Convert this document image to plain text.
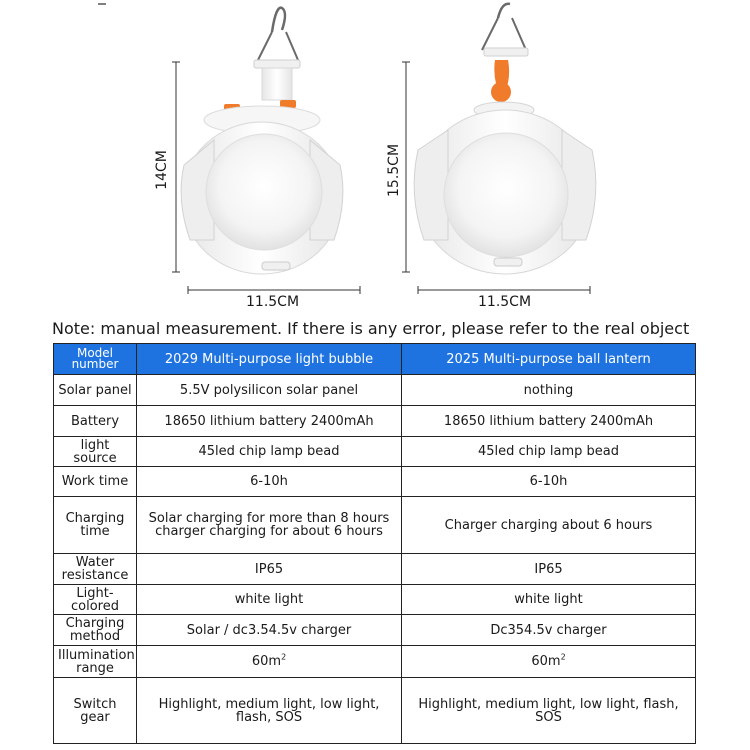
14CM
11.5CM
15.5CM
11.5CM
Note: manual measurement. If there is any error, please refer to the real object
Model number	2029 Multi-purpose light bubble	2025 Multi-purpose ball lantern
Solar panel	5.5V polysilicon solar panel	nothing
Battery	18650 lithium battery 2400mAh	18650 lithium battery 2400mAh
light source	45led chip lamp bead	45led chip lamp bead
Work time	6-10h	6-10h
Charging time	Solar charging for more than 8 hours charger charging for about 6 hours	Charger charging about 6 hours
Water resistance	IP65	IP65
Light-colored	white light	white light
Charging method	Solar / dc3.54.5v charger	Dc354.5v charger
Illumination range	$60m^2$	$60m^2$
Switch gear	Highlight, medium light, low light, flash, SOS	Highlight, medium light, low light, flash, SOS
